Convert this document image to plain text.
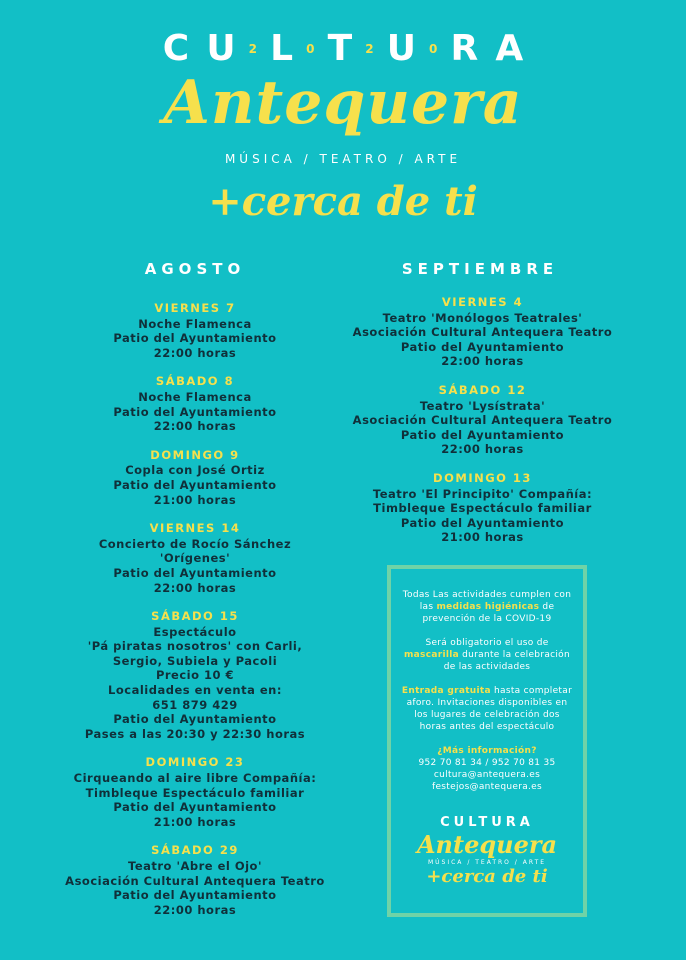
C U 2 L 0 T 2 U 0 R A
Antequera
MÚSICA / TEATRO / ARTE
+cerca de ti
AGOSTO
VIERNES 7
Noche Flamenca
Patio del Ayuntamiento
22:00 horas
SÁBADO 8
Noche Flamenca
Patio del Ayuntamiento
22:00 horas
DOMINGO 9
Copla con José Ortiz
Patio del Ayuntamiento
21:00 horas
VIERNES 14
Concierto de Rocío Sánchez
'Orígenes'
Patio del Ayuntamiento
22:00 horas
SÁBADO 15
Espectáculo
'Pá piratas nosotros' con Carli,
Sergio, Subiela y Pacoli
Precio 10 €
Localidades en venta en:
651 879 429
Patio del Ayuntamiento
Pases a las 20:30 y 22:30 horas
DOMINGO 23
Cirqueando al aire libre Compañía:
Timbleque Espectáculo familiar
Patio del Ayuntamiento
21:00 horas
SÁBADO 29
Teatro 'Abre el Ojo'
Asociación Cultural Antequera Teatro
Patio del Ayuntamiento
22:00 horas
SEPTIEMBRE
VIERNES 4
Teatro 'Monólogos Teatrales'
Asociación Cultural Antequera Teatro
Patio del Ayuntamiento
22:00 horas
SÁBADO 12
Teatro 'Lysístrata'
Asociación Cultural Antequera Teatro
Patio del Ayuntamiento
22:00 horas
DOMINGO 13
Teatro 'El Principito' Compañía:
Timbleque Espectáculo familiar
Patio del Ayuntamiento
21:00 horas

Todas Las actividades cumplen con las medidas higiénicas de prevención de la COVID-19

Será obligatorio el uso de mascarilla durante la celebración de las actividades

Entrada gratuita hasta completar aforo. Invitaciones disponibles en los lugares de celebración dos horas antes del espectáculo

¿Más información?
952 70 81 34 / 952 70 81 35
cultura@antequera.es
festejos@antequera.es
CULTURA
Antequera
MÚSICA / TEATRO / ARTE
+cerca de ti
